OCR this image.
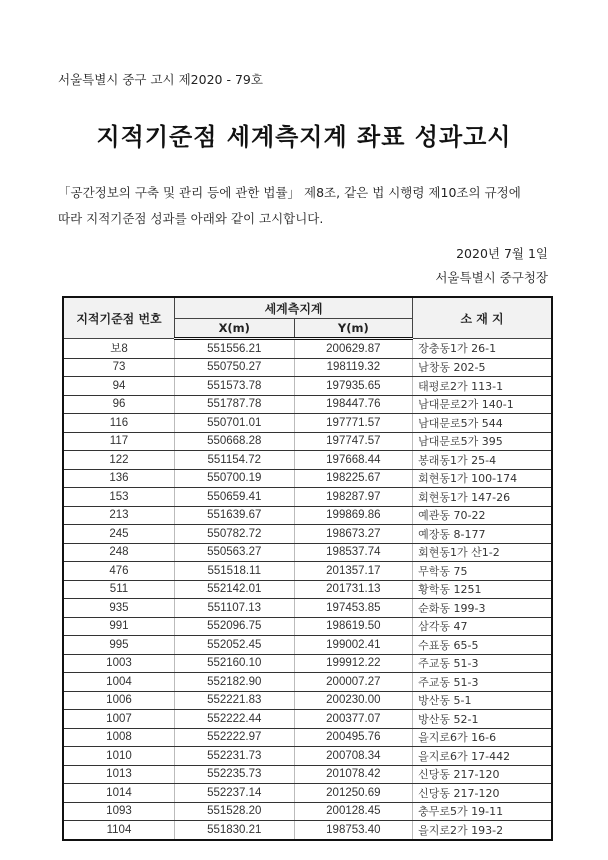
서울특별시 중구 고시 제2020 - 79호
지적기준점 세계측지계 좌표 성과고시
「공간정보의 구축 및 관리 등에 관한 법률」 제8조, 같은 법 시행령 제10조의 규정에
따라 지적기준점 성과를 아래와 같이 고시합니다.
2020년 7월 1일
서울특별시 중구청장
지적기준점 번호	세계측지계		소 재 지
	X(m)	Y(m)	
보8	551556.21	200629.87	장충동1가 26-1
73	550750.27	198119.32	남창동 202-5
94	551573.78	197935.65	태평로2가 113-1
96	551787.78	198447.76	남대문로2가 140-1
116	550701.01	197771.57	남대문로5가 544
117	550668.28	197747.57	남대문로5가 395
122	551154.72	197668.44	봉래동1가 25-4
136	550700.19	198225.67	회현동1가 100-174
153	550659.41	198287.97	회현동1가 147-26
213	551639.67	199869.86	예관동 70-22
245	550782.72	198673.27	예장동 8-177
248	550563.27	198537.74	회현동1가 산1-2
476	551518.11	201357.17	무학동 75
511	552142.01	201731.13	황학동 1251
935	551107.13	197453.85	순화동 199-3
991	552096.75	198619.50	삼각동 47
995	552052.45	199002.41	수표동 65-5
1003	552160.10	199912.22	주교동 51-3
1004	552182.90	200007.27	주교동 51-3
1006	552221.83	200230.00	방산동 5-1
1007	552222.44	200377.07	방산동 52-1
1008	552222.97	200495.76	을지로6가 16-6
1010	552231.73	200708.34	을지로6가 17-442
1013	552235.73	201078.42	신당동 217-120
1014	552237.14	201250.69	신당동 217-120
1093	551528.20	200128.45	충무로5가 19-11
1104	551830.21	198753.40	을지로2가 193-2
